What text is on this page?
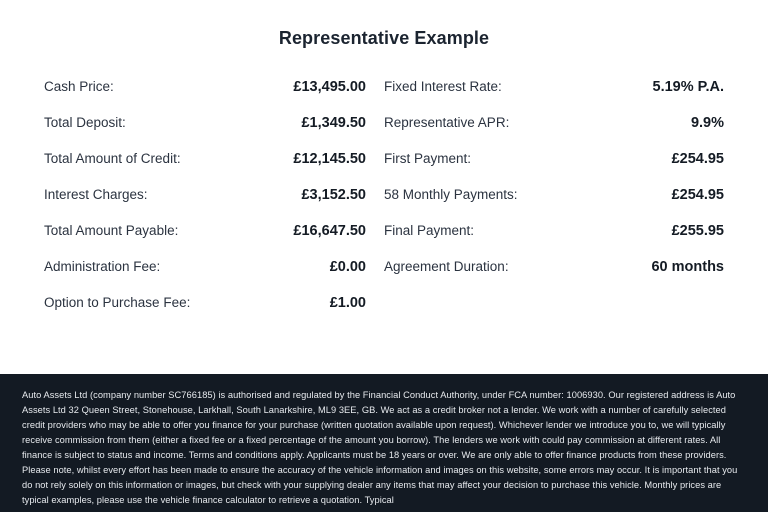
Representative Example
Cash Price:	£13,495.00
Total Deposit:	£1,349.50
Total Amount of Credit:	£12,145.50
Interest Charges:	£3,152.50
Total Amount Payable:	£16,647.50
Administration Fee:	£0.00
Option to Purchase Fee:	£1.00
Fixed Interest Rate:	5.19% P.A.
Representative APR:	9.9%
First Payment:	£254.95
58 Monthly Payments:	£254.95
Final Payment:	£255.95
Agreement Duration:	60 months

Auto Assets Ltd (company number SC766185) is authorised and regulated by the Financial Conduct Authority, under FCA number: 1006930. Our registered address is Auto Assets Ltd 32 Queen Street, Stonehouse, Larkhall, South Lanarkshire, ML9 3EE, GB. We act as a credit broker not a lender. We work with a number of carefully selected credit providers who may be able to offer you finance for your purchase (written quotation available upon request). Whichever lender we introduce you to, we will typically receive commission from them (either a fixed fee or a fixed percentage of the amount you borrow). The lenders we work with could pay commission at different rates. All finance is subject to status and income. Terms and conditions apply. Applicants must be 18 years or over. We are only able to offer finance products from these providers. Please note, whilst every effort has been made to ensure the accuracy of the vehicle information and images on this website, some errors may occur. It is important that you do not rely solely on this information or images, but check with your supplying dealer any items that may affect your decision to purchase this vehicle. Monthly prices are typical examples, please use the vehicle finance calculator to retrieve a quotation. Typical
